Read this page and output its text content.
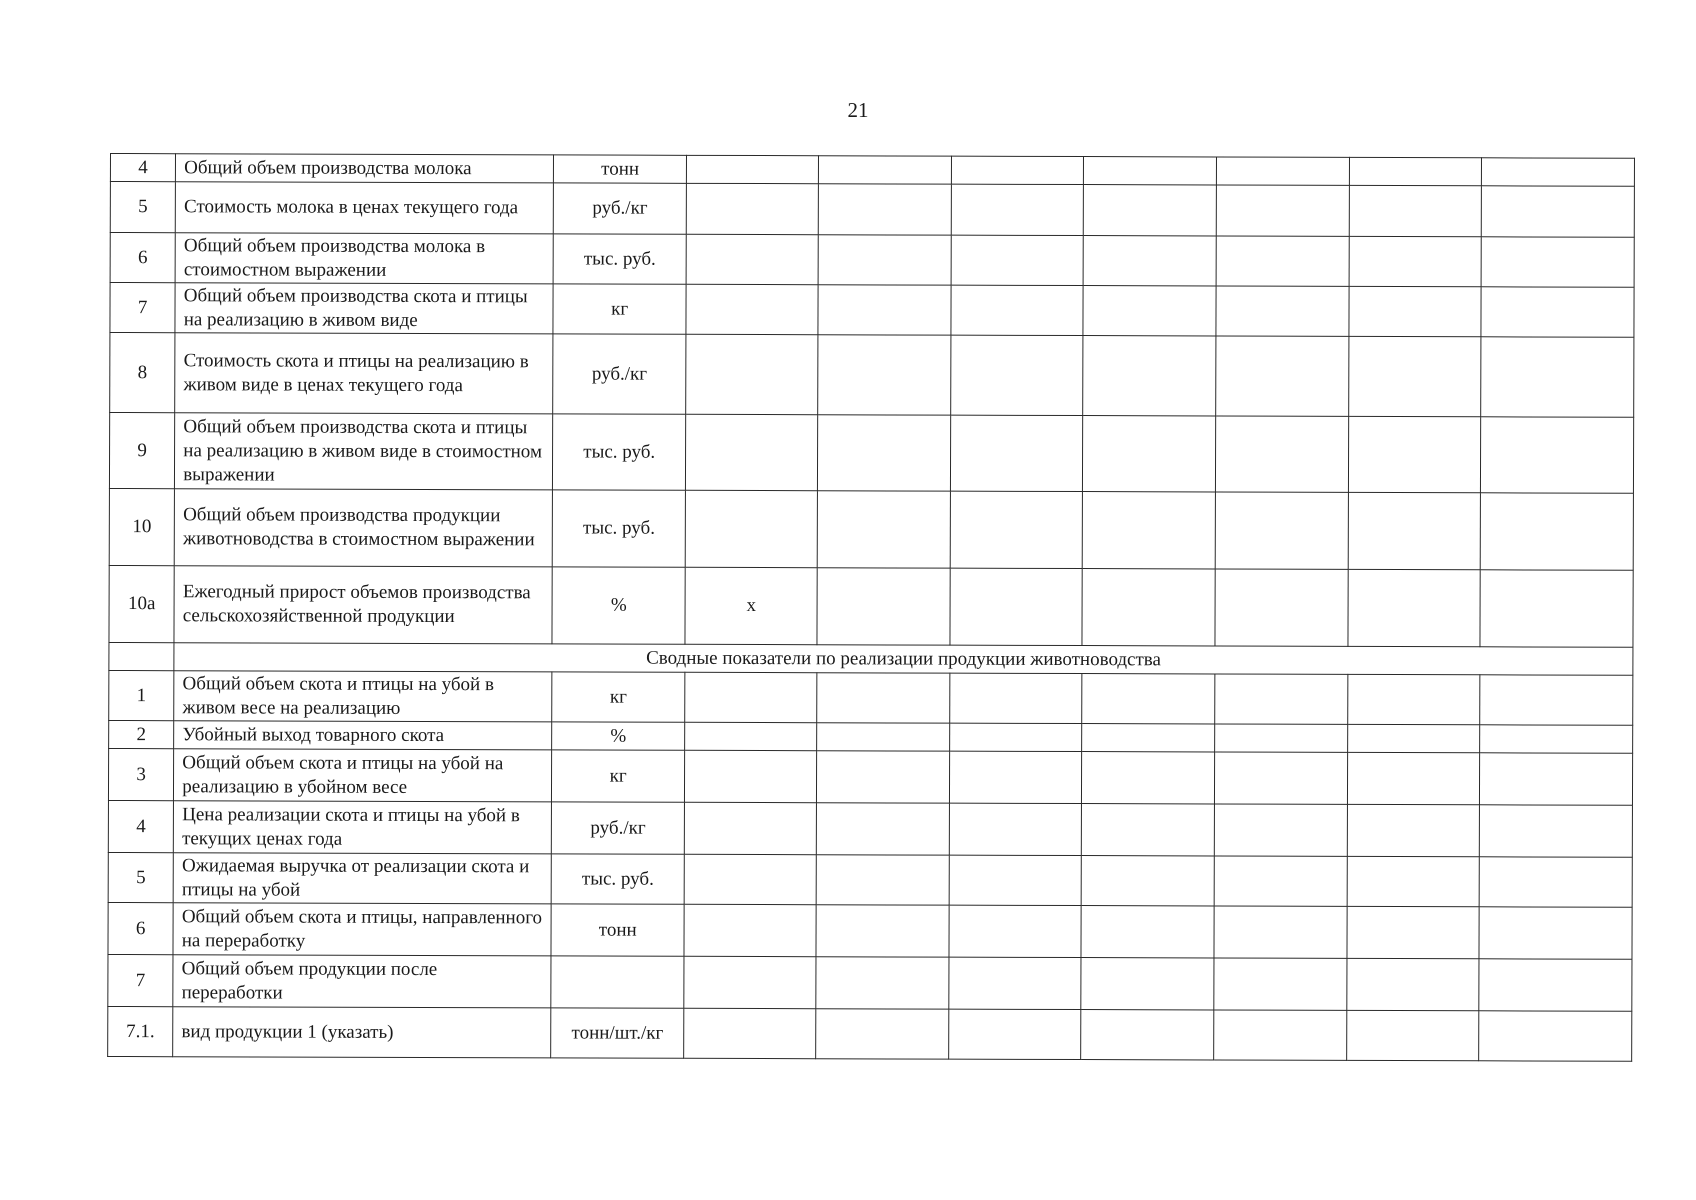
21
4	Общий объем производства молока	тонн							
5	Стоимость молока в ценах текущего года	руб./кг							
6	Общий объем производства молока в стоимостном выражении	тыс. руб.							
7	Общий объем производства скота и птицы на реализацию в живом виде	кг							
8	Стоимость скота и птицы на реализацию в живом виде в ценах текущего года	руб./кг							
9	Общий объем производства скота и птицы на реализацию в живом виде в стоимостном выражении	тыс. руб.							
10	Общий объем производства продукции животноводства в стоимостном выражении	тыс. руб.							
10а	Ежегодный прирост объемов производства сельскохозяйственной продукции	%	х						
	Сводные показатели по реализации продукции животноводства								
1	Общий объем скота и птицы на убой в живом весе на реализацию	кг							
2	Убойный выход товарного скота	%							
3	Общий объем скота и птицы на убой на реализацию в убойном весе	кг							
4	Цена реализации скота и птицы на убой в текущих ценах года	руб./кг							
5	Ожидаемая выручка от реализации скота и птицы на убой	тыс. руб.							
6	Общий объем скота и птицы, направленного на переработку	тонн							
7	Общий объем продукции после переработки								
7.1.	вид продукции 1 (указать)	тонн/шт./кг							
